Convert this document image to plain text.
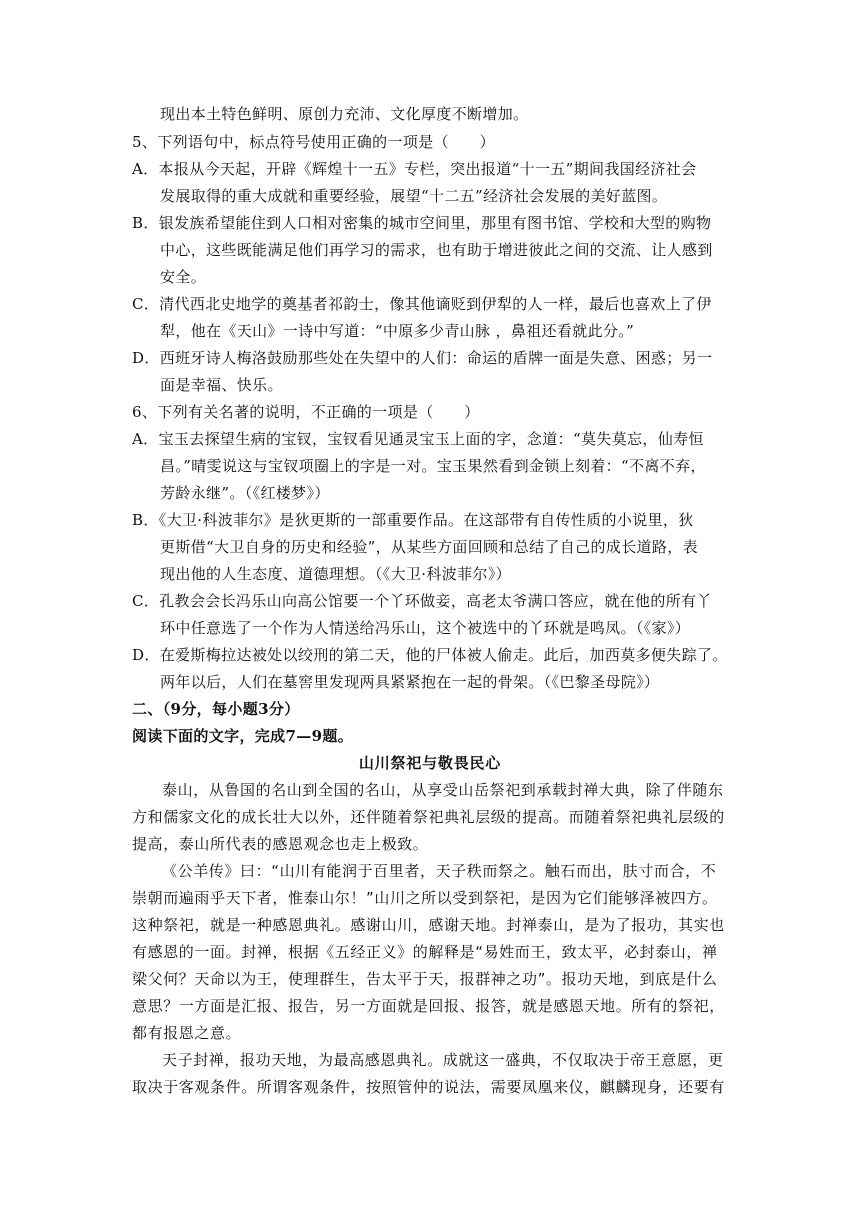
现出本土特色鲜明、原创力充沛、文化厚度不断增加。
5、下列语句中，标点符号使用正确的一项是（　　）
A．本报从今天起，开辟《辉煌十一五》专栏，突出报道“十一五”期间我国经济社会
发展取得的重大成就和重要经验，展望“十二五”经济社会发展的美好蓝图。
B．银发族希望能住到人口相对密集的城市空间里，那里有图书馆、学校和大型的购物
中心，这些既能满足他们再学习的需求，也有助于增进彼此之间的交流、让人感到
安全。
C．清代西北史地学的奠基者祁韵士，像其他谪贬到伊犁的人一样，最后也喜欢上了伊
犁，他在《天山》一诗中写道：“中原多少青山脉 ，鼻祖还看就此分。”
D．西班牙诗人梅洛鼓励那些处在失望中的人们：命运的盾牌一面是失意、困惑；另一
面是幸福、快乐。
6、下列有关名著的说明，不正确的一项是（　　）
A．宝玉去探望生病的宝钗，宝钗看见通灵宝玉上面的字，念道：“莫失莫忘，仙寿恒
昌。”晴雯说这与宝钗项圈上的字是一对。宝玉果然看到金锁上刻着：“不离不弃，
芳龄永继”。（《红楼梦》）
B．《大卫·科波菲尔》是狄更斯的一部重要作品。在这部带有自传性质的小说里，狄
更斯借“大卫自身的历史和经验”，从某些方面回顾和总结了自己的成长道路，表
现出他的人生态度、道德理想。（《大卫·科波菲尔》）
C．孔教会会长冯乐山向高公馆要一个丫环做妾，高老太爷满口答应，就在他的所有丫
环中任意选了一个作为人情送给冯乐山，这个被选中的丫环就是鸣凤。（《家》）
D．在爱斯梅拉达被处以绞刑的第二天，他的尸体被人偷走。此后，加西莫多便失踪了。
两年以后，人们在墓窖里发现两具紧紧抱在一起的骨架。（《巴黎圣母院》）
二、（9分，每小题3分）
阅读下面的文字，完成7—9题。
山川祭祀与敬畏民心
泰山，从鲁国的名山到全国的名山，从享受山岳祭祀到承载封禅大典，除了伴随东
方和儒家文化的成长壮大以外，还伴随着祭祀典礼层级的提高。而随着祭祀典礼层级的
提高，泰山所代表的感恩观念也走上极致。
《公羊传》曰：“山川有能润于百里者，天子秩而祭之。触石而出，肤寸而合，不
崇朝而遍雨乎天下者，惟泰山尔！”山川之所以受到祭祀，是因为它们能够泽被四方。
这种祭祀，就是一种感恩典礼。感谢山川，感谢天地。封禅泰山，是为了报功，其实也
有感恩的一面。封禅，根据《五经正义》的解释是“易姓而王，致太平，必封泰山，禅
梁父何？天命以为王，使理群生，告太平于天，报群神之功”。报功天地，到底是什么
意思？一方面是汇报、报告，另一方面就是回报、报答，就是感恩天地。所有的祭祀，
都有报恩之意。
天子封禅，报功天地，为最高感恩典礼。成就这一盛典，不仅取决于帝王意愿，更
取决于客观条件。所谓客观条件，按照管仲的说法，需要凤凰来仪，麒麟现身，还要有
